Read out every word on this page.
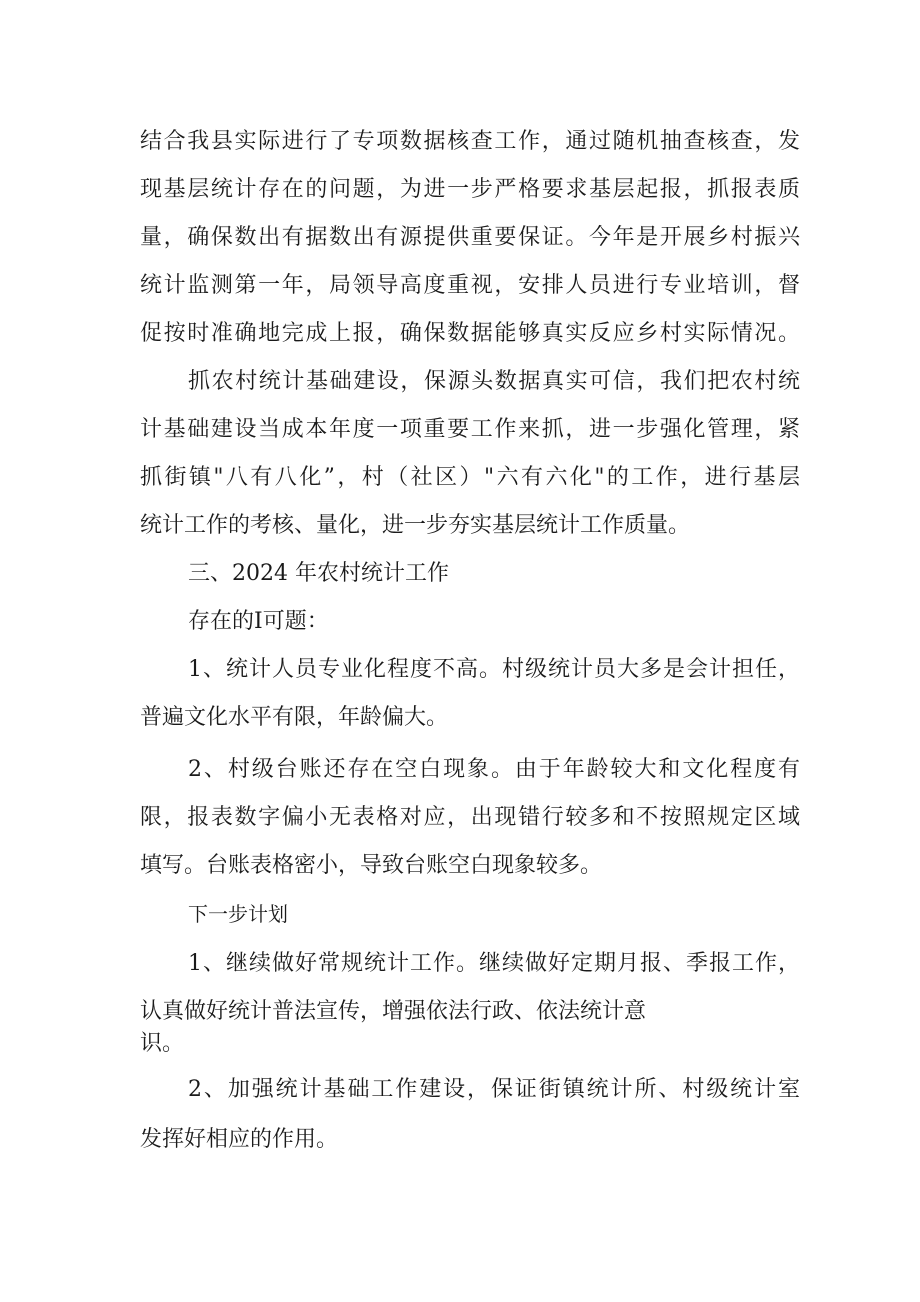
结合我县实际进行了专项数据核查工作，通过随机抽查核查，发
现基层统计存在的问题，为进一步严格要求基层起报，抓报表质
量，确保数出有据数出有源提供重要保证。今年是开展乡村振兴
统计监测第一年，局领导高度重视，安排人员进行专业培训，督
促按时准确地完成上报，确保数据能够真实反应乡村实际情况。
抓农村统计基础建设，保源头数据真实可信，我们把农村统
计基础建设当成本年度一项重要工作来抓，进一步强化管理，紧
抓街镇"八有八化”，村（社区）"六有六化"的工作，进行基层
统计工作的考核、量化，进一步夯实基层统计工作质量。
三、2024 年农村统计工作
存在的Ⅰ可题：
1、统计人员专业化程度不高。村级统计员大多是会计担任，
普遍文化水平有限，年龄偏大。
2、村级台账还存在空白现象。由于年龄较大和文化程度有
限，报表数字偏小无表格对应，出现错行较多和不按照规定区域
填写。台账表格密小，导致台账空白现象较多。
下一步计划
1、继续做好常规统计工作。继续做好定期月报、季报工作，
认真做好统计普法宣传，增强依法行政、依法统计意
识。
2、加强统计基础工作建设，保证街镇统计所、村级统计室
发挥好相应的作用。
